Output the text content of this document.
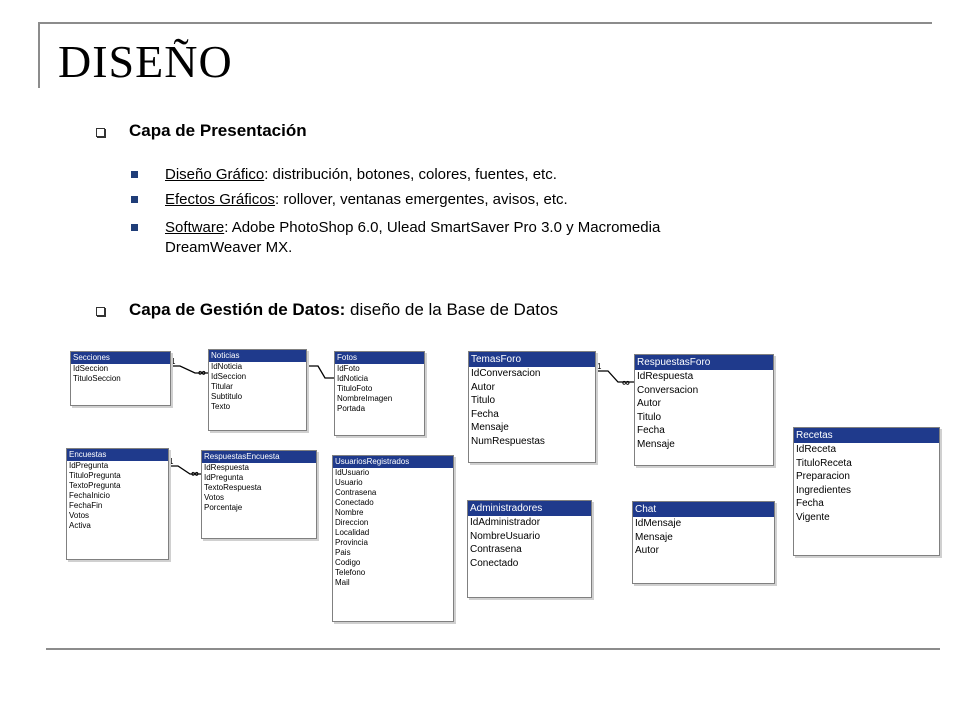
DISEÑO
Capa de Presentación
Diseño Gráfico: distribución, botones, colores, fuentes, etc.
Efectos Gráficos: rollover, ventanas emergentes, avisos, etc.
Software: Adobe PhotoShop 6.0, Ulead SmartSaver Pro 3.0 y Macromedia
DreamWeaver MX.
Capa de Gestión de Datos: diseño de la Base de Datos
1
∞
1
∞
1
∞
Secciones
IdSeccion
TituloSeccion
Noticias
IdNoticia
IdSeccion
Titular
Subtitulo
Texto
Fotos
IdFoto
IdNoticia
TituloFoto
NombreImagen
Portada
Encuestas
IdPregunta
TituloPregunta
TextoPregunta
FechaInicio
FechaFin
Votos
Activa
RespuestasEncuesta
IdRespuesta
IdPregunta
TextoRespuesta
Votos
Porcentaje
UsuariosRegistrados
IdUsuario
Usuario
Contrasena
Conectado
Nombre
Direccion
Localidad
Provincia
Pais
Codigo
Telefono
Mail
TemasForo
IdConversacion
Autor
Titulo
Fecha
Mensaje
NumRespuestas
RespuestasForo
IdRespuesta
Conversacion
Autor
Titulo
Fecha
Mensaje
Administradores
IdAdministrador
NombreUsuario
Contrasena
Conectado
Chat
IdMensaje
Mensaje
Autor
Recetas
IdReceta
TituloReceta
Preparacion
Ingredientes
Fecha
Vigente
